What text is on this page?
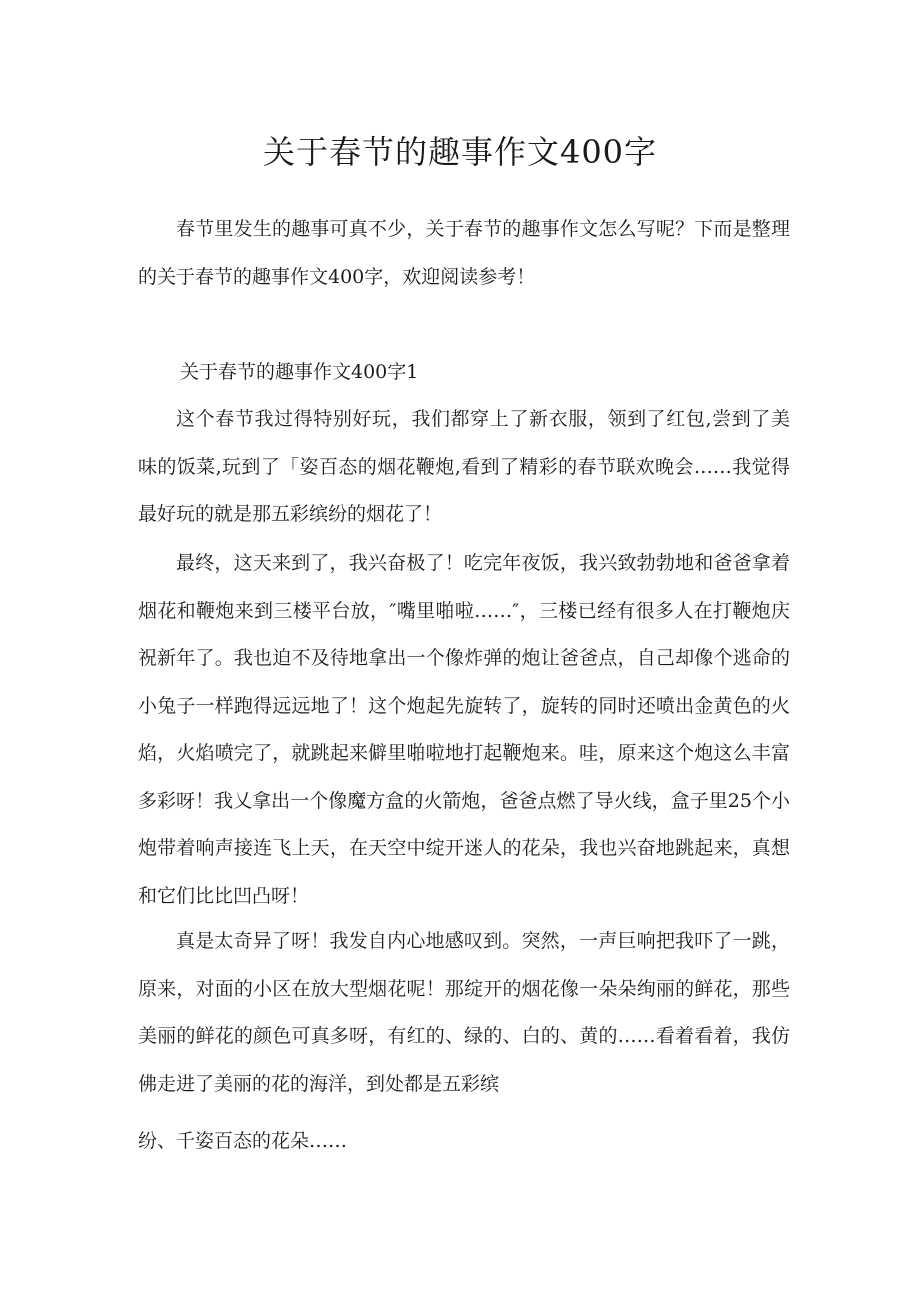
关于春节的趣事作文400字

春节里发生的趣事可真不少，关于春节的趣事作文怎么写呢？下而是整理的关于春节的趣事作文400字，欢迎阅读参考！

关于春节的趣事作文400字1

这个春节我过得特别好玩，我们都穿上了新衣服，领到了红包,尝到了美味的饭菜,玩到了「姿百态的烟花鞭炮,看到了精彩的春节联欢晚会……我觉得最好玩的就是那五彩缤纷的烟花了！

最终，这天来到了，我兴奋极了！吃完年夜饭，我兴致勃勃地和爸爸拿着烟花和鞭炮来到三楼平台放，″嘴里啪啦……″，三楼已经有很多人在打鞭炮庆祝新年了。我也迫不及待地拿出一个像炸弹的炮让爸爸点，自己却像个逃命的小兔子一样跑得远远地了！这个炮起先旋转了，旋转的同时还喷出金黄色的火焰，火焰喷完了，就跳起来僻里啪啦地打起鞭炮来。哇，原来这个炮这么丰富多彩呀！我乂拿出一个像魔方盒的火箭炮，爸爸点燃了导火线，盒子里25个小炮带着响声接连飞上天，在天空中绽开迷人的花朵，我也兴奋地跳起来，真想和它们比比凹凸呀！

真是太奇异了呀！我发自内心地感叹到。突然，一声巨响把我吓了一跳，原来，对面的小区在放大型烟花呢！那绽开的烟花像一朵朵绚丽的鲜花，那些美丽的鲜花的颜色可真多呀，有红的、绿的、白的、黄的……看着看着，我仿佛走进了美丽的花的海洋，到处都是五彩缤
纷、千姿百态的花朵……
